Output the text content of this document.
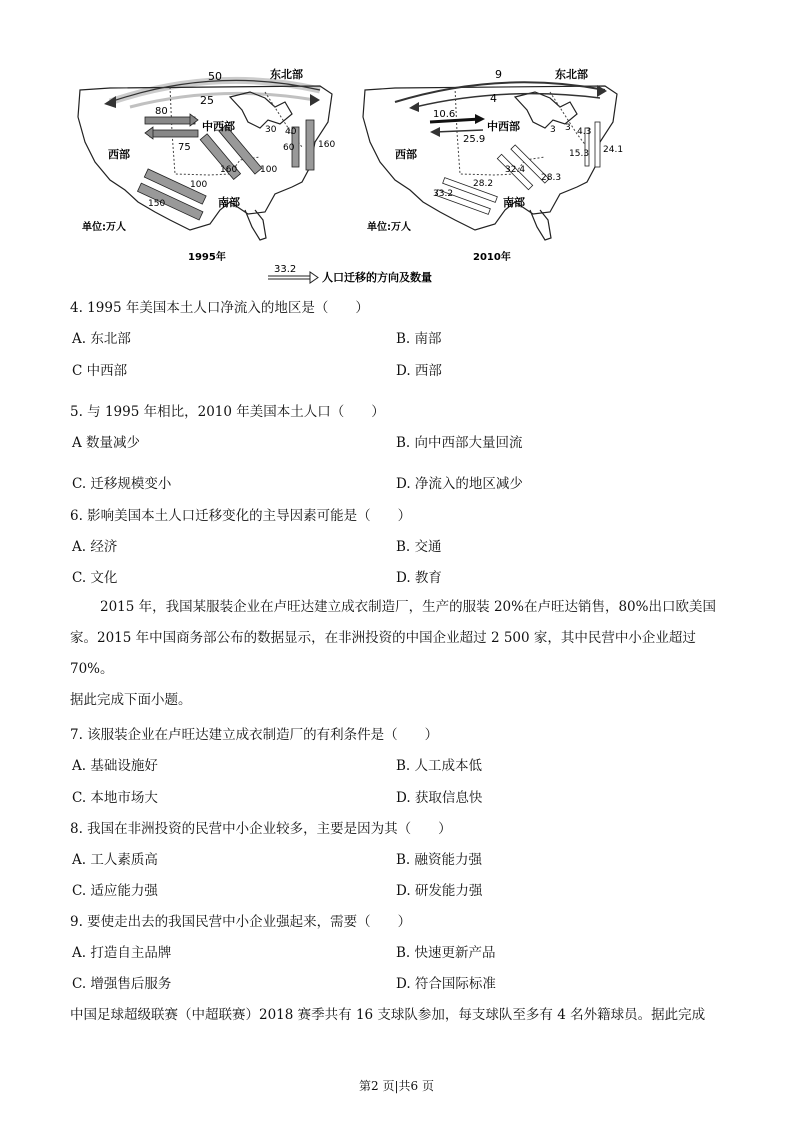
50
25
80
75
30 40
60	160
100
160
100
150
东北部
中西部
西部
南部
单位:万人
1995年
9
4
10.6
25.9
3 3 4.3
15.3 24.1
32.4
28.3
28.2
33.2
东北部
中西部
西部
南部
单位:万人
2010年
33.2
人口迁移的方向及数量
4. 1995 年美国本土人口净流入的地区是（　　）
A. 东北部	B. 南部
C 中西部	D. 西部
5. 与 1995 年相比，2010 年美国本土人口（　　）
A 数量减少	B. 向中西部大量回流
C. 迁移规模变小	D. 净流入的地区减少
6. 影响美国本土人口迁移变化的主导因素可能是（　　）
A. 经济	B. 交通
C. 文化	D. 教育
2015 年，我国某服装企业在卢旺达建立成衣制造厂，生产的服装 20%在卢旺达销售，80%出口欧美国
家。2015 年中国商务部公布的数据显示，在非洲投资的中国企业超过 2 500 家，其中民营中小企业超过
70%。
据此完成下面小题。
7. 该服装企业在卢旺达建立成衣制造厂的有利条件是（　　）
A. 基础设施好	B. 人工成本低
C. 本地市场大	D. 获取信息快
8. 我国在非洲投资的民营中小企业较多，主要是因为其（　　）
A. 工人素质高	B. 融资能力强
C. 适应能力强	D. 研发能力强
9. 要使走出去的我国民营中小企业强起来，需要（　　）
A. 打造自主品牌	B. 快速更新产品
C. 增强售后服务	D. 符合国际标准
中国足球超级联赛（中超联赛）2018 赛季共有 16 支球队参加，每支球队至多有 4 名外籍球员。据此完成
第2 页|共6 页
